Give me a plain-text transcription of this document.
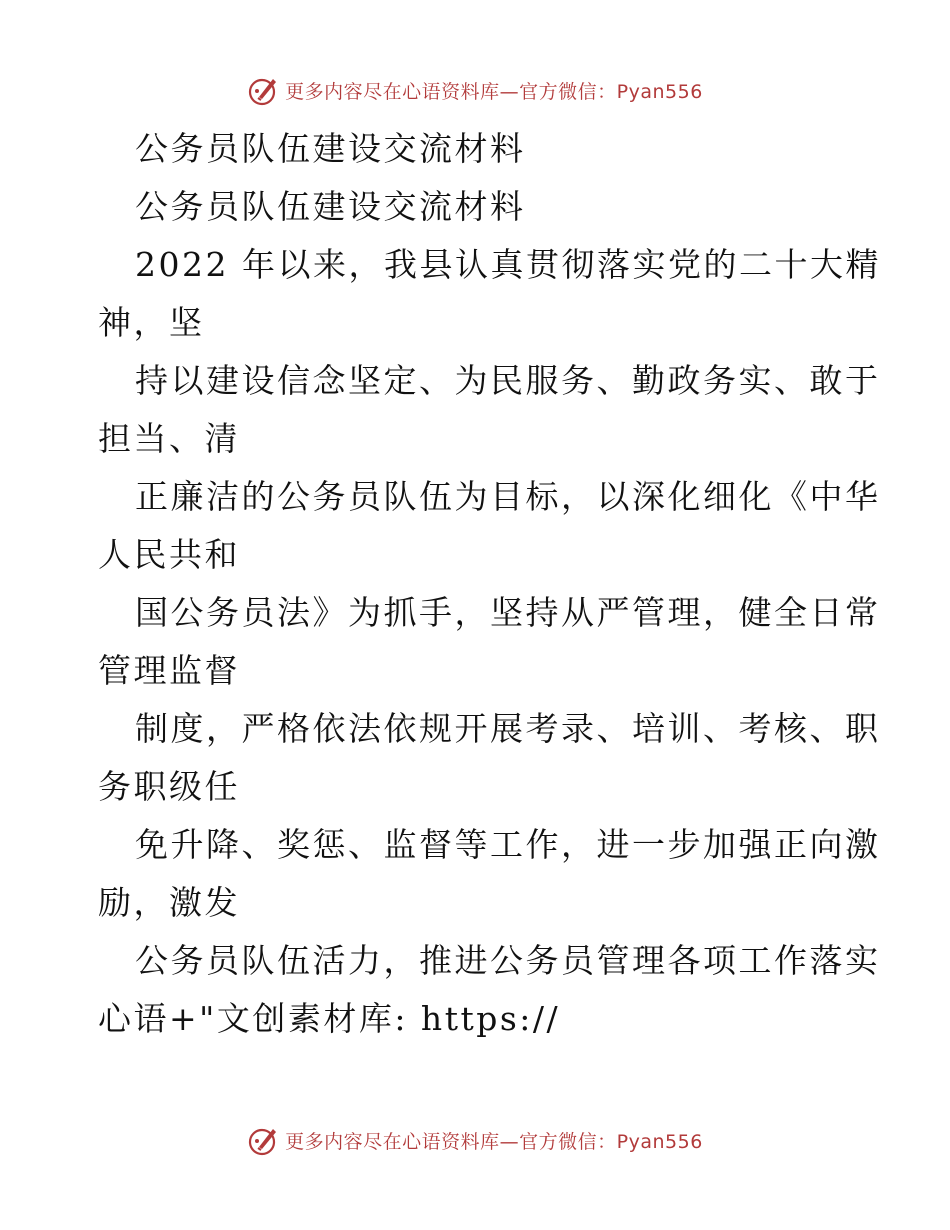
更多内容尽在心语资料库—官方微信：Pyan556
公务员队伍建设交流材料
公务员队伍建设交流材料
2022 年以来，我县认真贯彻落实党的二十大精
神，坚
持以建设信念坚定、为民服务、勤政务实、敢于
担当、清
正廉洁的公务员队伍为目标，以深化细化《中华
人民共和
国公务员法》为抓手，坚持从严管理，健全日常
管理监督
制度，严格依法依规开展考录、培训、考核、职
务职级任
免升降、奖惩、监督等工作，进一步加强正向激
励，激发
公务员队伍活力，推进公务员管理各项工作落实
心语+"文创素材库: https://
更多内容尽在心语资料库—官方微信：Pyan556
